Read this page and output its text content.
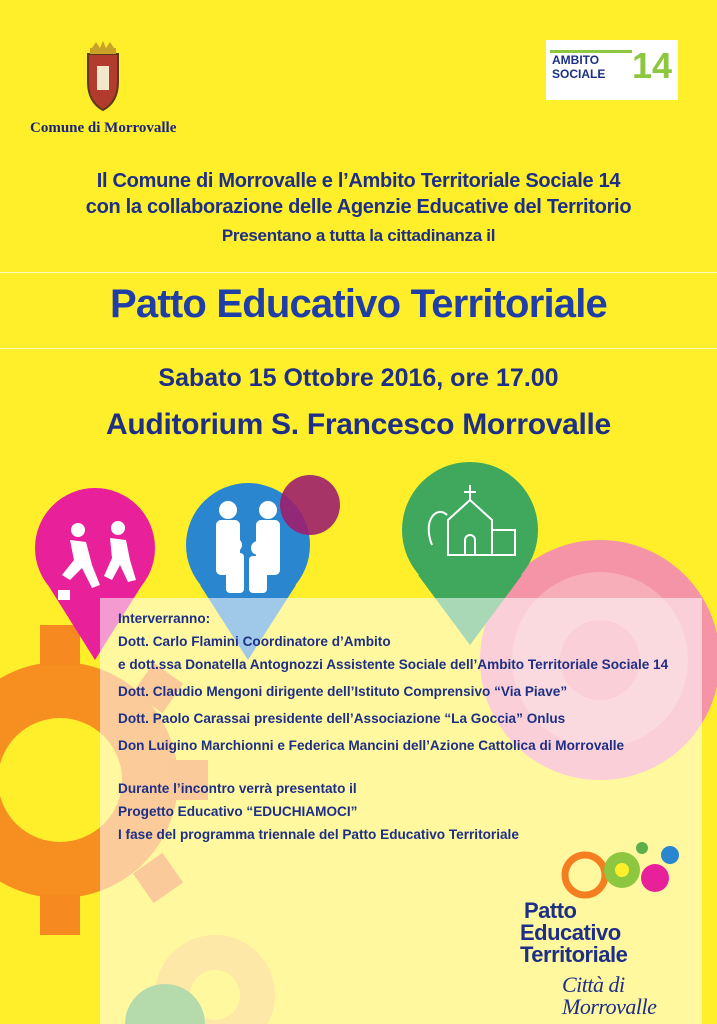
Comune di Morrovalle
AMBITO
SOCIALE 14
Il Comune di Morrovalle e l’Ambito Territoriale Sociale 14
con la collaborazione delle Agenzie Educative del Territorio
Presentano a tutta la cittadinanza il
Patto Educativo Territoriale
Sabato 15 Ottobre 2016, ore 17.00
Auditorium S. Francesco Morrovalle
Interverranno:
Dott. Carlo Flamini Coordinatore d’Ambito
e dott.ssa Donatella Antognozzi Assistente Sociale dell’Ambito Territoriale Sociale 14
Dott. Claudio Mengoni dirigente dell’Istituto Comprensivo “Via Piave”
Dott. Paolo Carassai presidente dell’Associazione “La Goccia” Onlus
Don Luigino Marchionni e Federica Mancini dell’Azione Cattolica di Morrovalle
Durante l’incontro verrà presentato il
Progetto Educativo “EDUCHIAMOCI”
I fase del programma triennale del Patto Educativo Territoriale
Patto
Educativo
Territoriale
Città di Morrovalle
